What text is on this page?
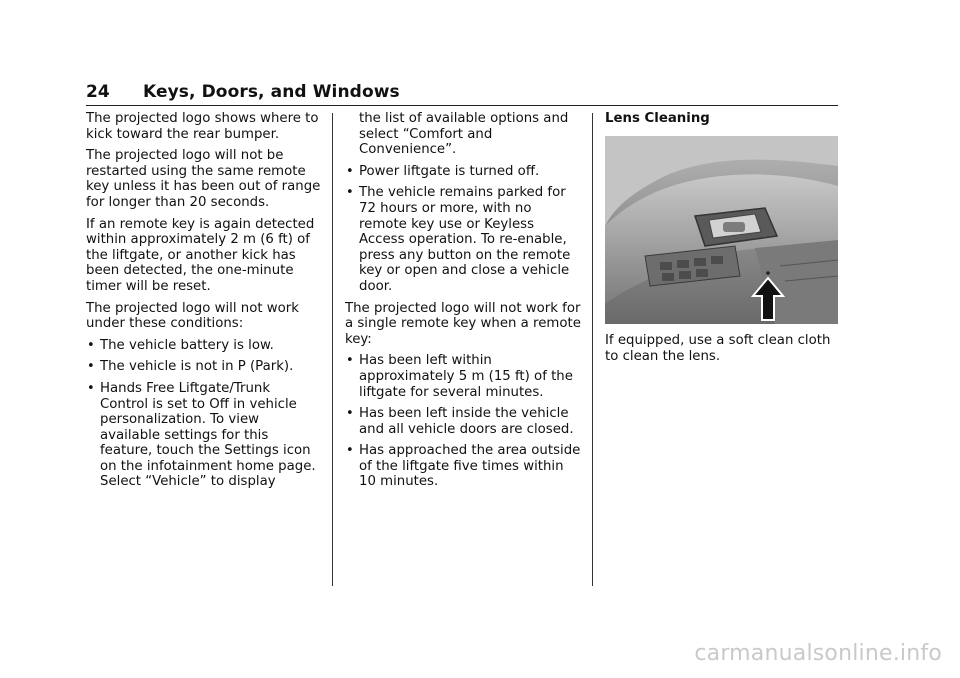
24 Keys, Doors, and Windows

The projected logo shows where to kick toward the rear bumper.

The projected logo will not be restarted using the same remote key unless it has been out of range for longer than 20 seconds.

If an remote key is again detected within approximately 2 m (6 ft) of the liftgate, or another kick has been detected, the one-minute timer will be reset.

The projected logo will not work under these conditions:

• The vehicle battery is low.
• The vehicle is not in P (Park).
• Hands Free Liftgate/Trunk Control is set to Off in vehicle personalization. To view available settings for this feature, touch the Settings icon on the infotainment home page. Select “Vehicle” to display

the list of available options and select “Comfort and Convenience”.

• Power liftgate is turned off.
• The vehicle remains parked for 72 hours or more, with no remote key use or Keyless Access operation. To re-enable, press any button on the remote key or open and close a vehicle door.

The projected logo will not work for a single remote key when a remote key:

• Has been left within approximately 5 m (15 ft) of the liftgate for several minutes.
• Has been left inside the vehicle and all vehicle doors are closed.
• Has approached the area outside of the liftgate five times within 10 minutes.

Lens Cleaning

If equipped, use a soft clean cloth to clean the lens.

carmanualsonline.info
